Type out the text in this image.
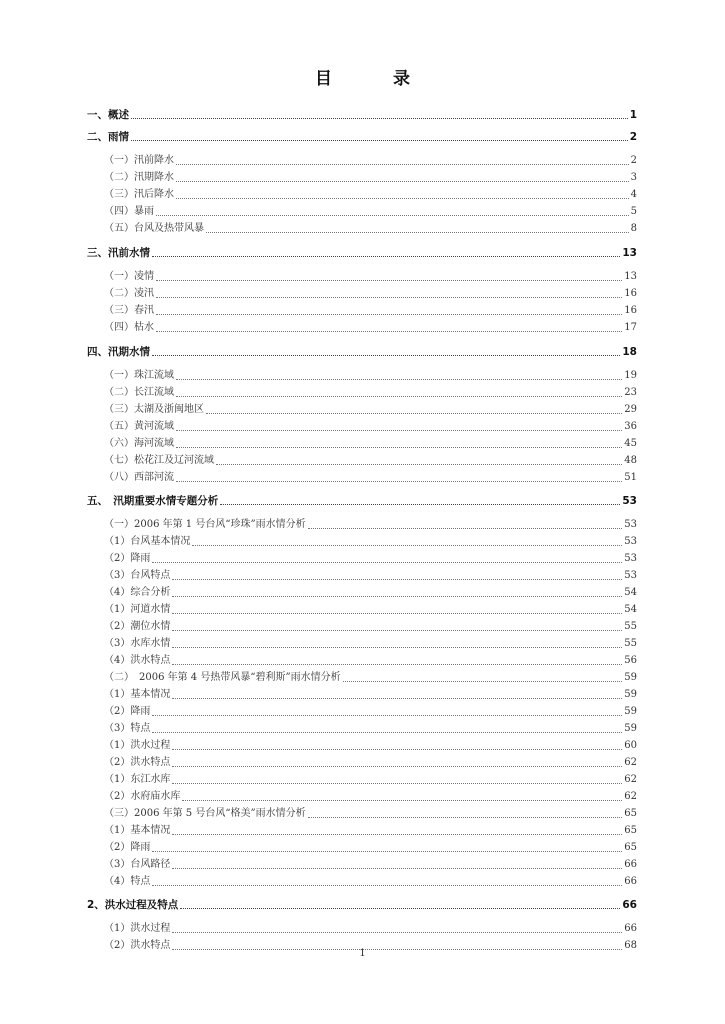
目　录
一、概述	1
二、雨情	2
（一）汛前降水	2
（二）汛期降水	3
（三）汛后降水	4
（四）暴雨	5
（五）台风及热带风暴	8
三、汛前水情	13
（一）凌情	13
（二）凌汛	16
（三）春汛	16
（四）枯水	17
四、汛期水情	18
（一）珠江流域	19
（二）长江流域	23
（三）太湖及浙闽地区	29
（五）黄河流域	36
（六）海河流域	45
（七）松花江及辽河流域	48
（八）西部河流	51
五、　汛期重要水情专题分析	53
（一）2006 年第 1 号台风“珍珠”雨水情分析	53
（1）台风基本情况	53
（2）降雨	53
（3）台风特点	53
（4）综合分析	54
（1）河道水情	54
（2）潮位水情	55
（3）水库水情	55
（4）洪水特点	56
（二）　2006 年第 4 号热带风暴“碧利斯”雨水情分析	59
（1）基本情况	59
（2）降雨	59
（3）特点	59
（1）洪水过程	60
（2）洪水特点	62
（1）东江水库	62
（2）水府庙水库	62
（三）2006 年第 5 号台风“格美”雨水情分析	65
（1）基本情况	65
（2）降雨	65
（3）台风路径	66
（4）特点	66
2、洪水过程及特点	66
（1）洪水过程	66
（2）洪水特点	68
1
